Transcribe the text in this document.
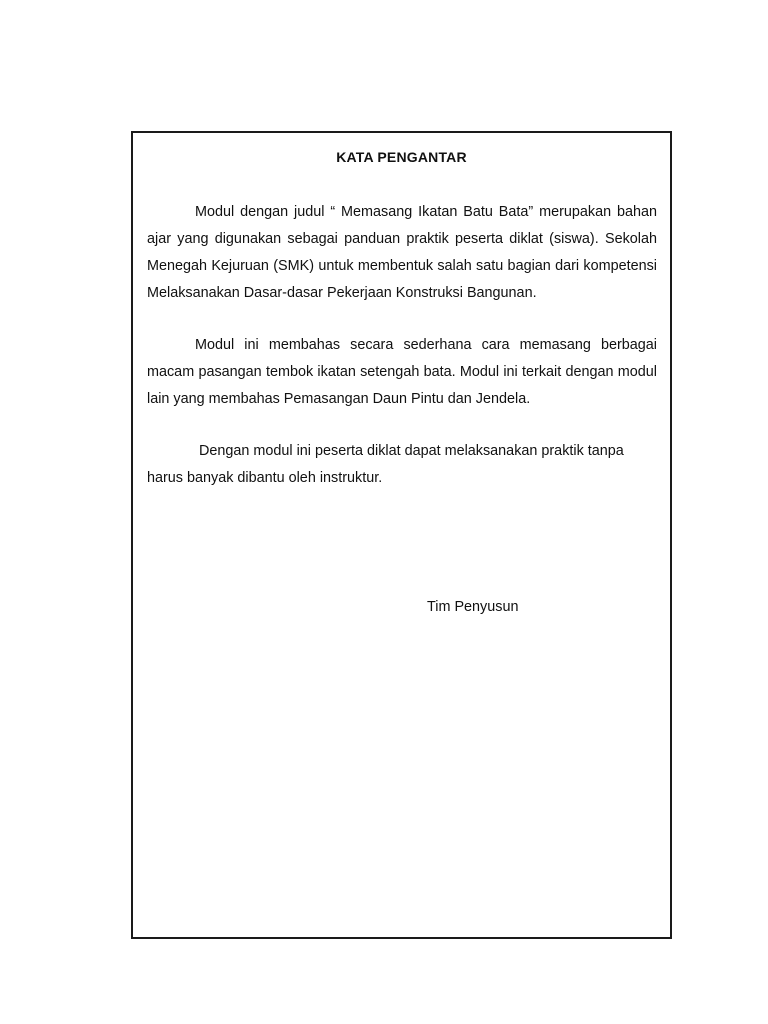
KATA PENGANTAR

Modul dengan judul “ Memasang Ikatan Batu Bata” merupakan bahan ajar yang digunakan sebagai panduan praktik peserta diklat (siswa). Sekolah Menegah Kejuruan (SMK) untuk membentuk salah satu bagian dari kompetensi Melaksanakan Dasar-dasar Pekerjaan Konstruksi Bangunan.

Modul ini membahas secara sederhana cara memasang berbagai macam pasangan tembok ikatan setengah bata. Modul ini terkait dengan modul lain yang membahas Pemasangan Daun Pintu dan Jendela.

Dengan modul ini peserta diklat dapat melaksanakan praktik tanpa harus banyak dibantu oleh instruktur.

Tim Penyusun
